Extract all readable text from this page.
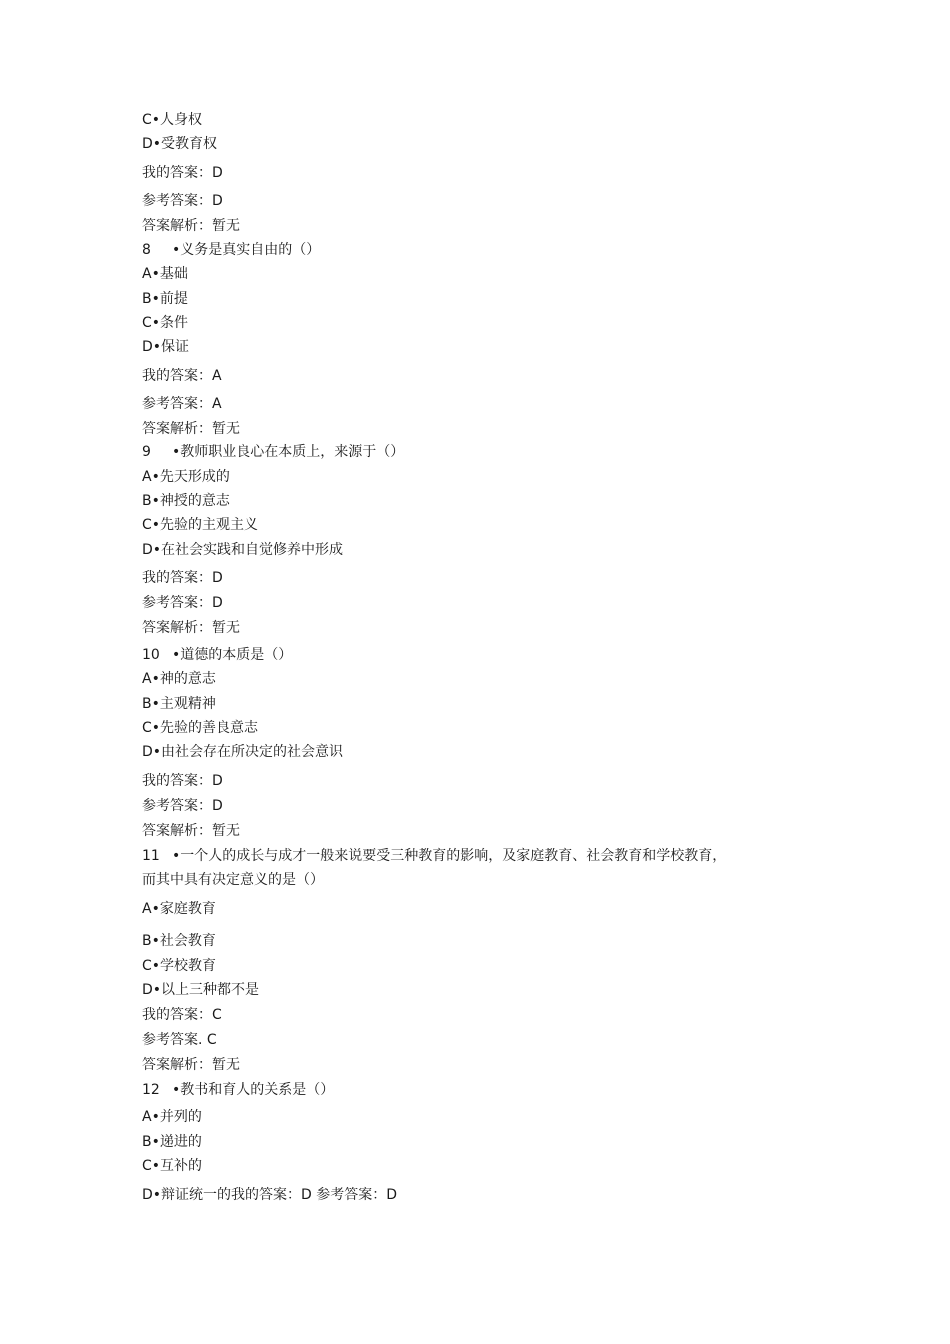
C•人身权
D•受教育权
我的答案：D
参考答案：D
答案解析：暂无
8 •义务是真实自由的（）
A•基础
B•前提
C•条件
D•保证
我的答案：A
参考答案：A
答案解析：暂无
9 •教师职业良心在本质上，来源于（）
A•先天形成的
B•神授的意志
C•先验的主观主义
D•在社会实践和自觉修养中形成
我的答案：D
参考答案：D
答案解析：暂无
10 •道德的本质是（）
A•神的意志
B•主观精神
C•先验的善良意志
D•由社会存在所决定的社会意识
我的答案：D
参考答案：D
答案解析：暂无
11 •一个人的成长与成才一般来说要受三种教育的影响，及家庭教育、社会教育和学校教育，
而其中具有决定意义的是（）
A•家庭教育
B•社会教育
C•学校教育
D•以上三种都不是
我的答案：C
参考答案. C
答案解析：暂无
12 •教书和育人的关系是（）
A•并列的
B•递进的
C•互补的
D•辩证统一的我的答案：D 参考答案：D
